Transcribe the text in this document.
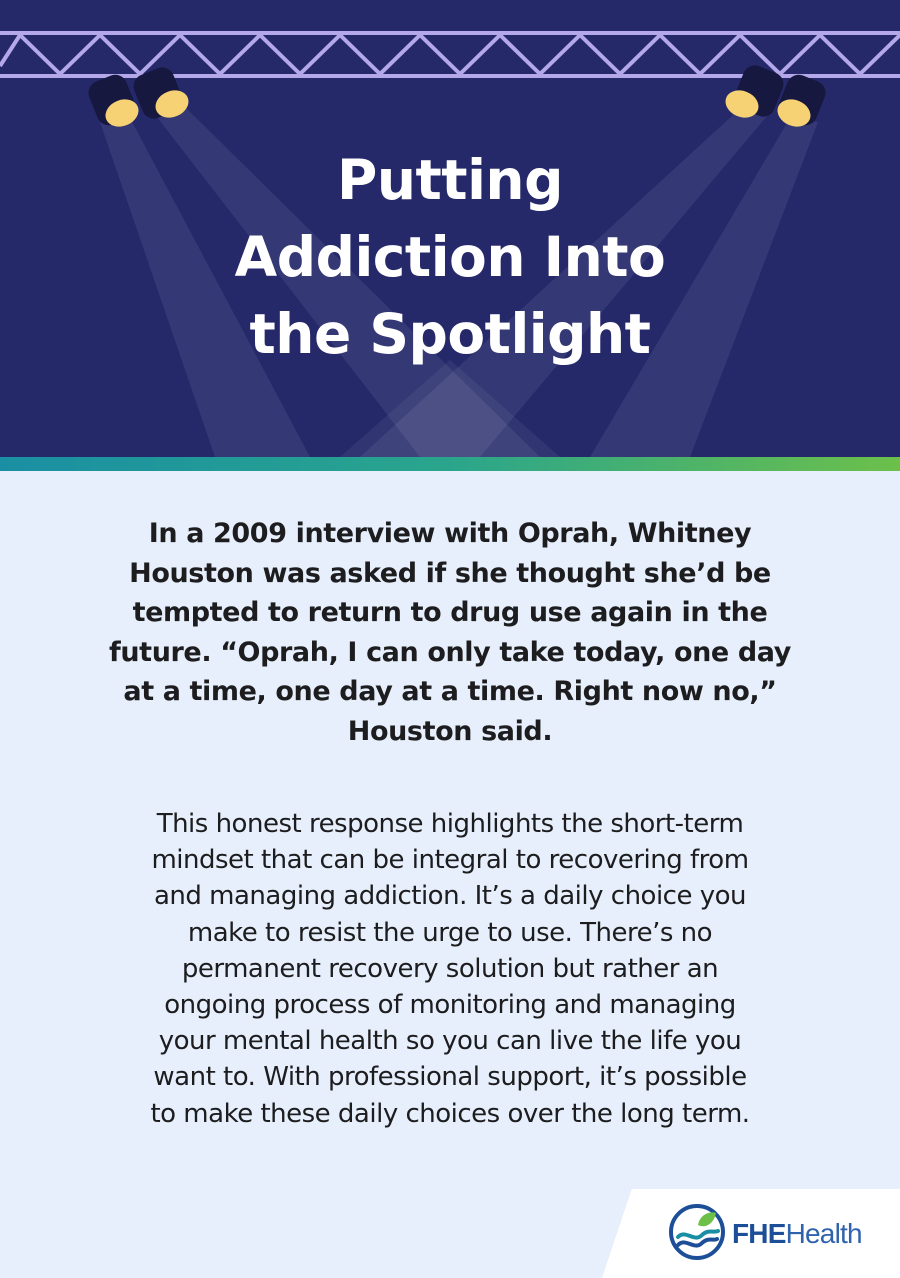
Putting
Addiction Into
the Spotlight

In a 2009 interview with Oprah, Whitney
Houston was asked if she thought she’d be
tempted to return to drug use again in the
future. “Oprah, I can only take today, one day
at a time, one day at a time. Right now no,”
Houston said.

This honest response highlights the short-term
mindset that can be integral to recovering from
and managing addiction. It’s a daily choice you
make to resist the urge to use. There’s no
permanent recovery solution but rather an
ongoing process of monitoring and managing
your mental health so you can live the life you
want to. With professional support, it’s possible
to make these daily choices over the long term.

FHEHealth
